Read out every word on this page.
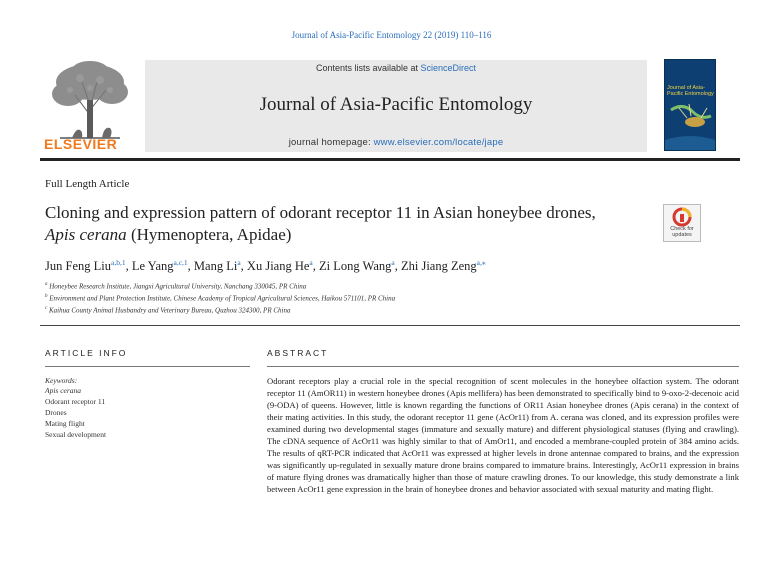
Journal of Asia-Pacific Entomology 22 (2019) 110–116
ELSEVIER
Contents lists available at ScienceDirect
Journal of Asia-Pacific Entomology
journal homepage: www.elsevier.com/locate/jape
Journal of Asia-Pacific Entomology
Full Length Article
Cloning and expression pattern of odorant receptor 11 in Asian honeybee drones, Apis cerana (Hymenoptera, Apidae)	Check for updates
Jun Feng Liu$^{a,b,1}$, Le Yang$^{a,c,1}$, Mang Li$^a$, Xu Jiang He$^a$, Zi Long Wang$^a$, Zhi Jiang Zeng$^{a,⁎}$
$^a$ Honeybee Research Institute, Jiangxi Agricultural University, Nanchang 330045, PR China
$^b$ Environment and Plant Protection Institute, Chinese Academy of Tropical Agricultural Sciences, Haikou 571101, PR China
$^c$ Kaihua County Animal Husbandry and Veterinary Bureau, Quzhou 324300, PR China
ARTICLE INFO
Keywords:
Apis cerana
Odorant receptor 11
Drones
Mating flight
Sexual development
ABSTRACT
Odorant receptors play a crucial role in the special recognition of scent molecules in the honeybee olfaction system. The odorant receptor 11 (AmOR11) in western honeybee drones (Apis mellifera) has been demonstrated to specifically bind to 9-oxo-2-decenoic acid (9-ODA) of queens. However, little is known regarding the functions of OR11 Asian honeybee drones (Apis cerana) in the context of their mating activities. In this study, the odorant receptor 11 gene (AcOr11) from A. cerana was cloned, and its expression profiles were examined during two developmental stages (immature and sexually mature) and different physiological statuses (flying and crawling). The cDNA sequence of AcOr11 was highly similar to that of AmOr11, and encoded a membrane-coupled protein of 384 amino acids. The results of qRT-PCR indicated that AcOr11 was expressed at higher levels in drone antennae compared to brains, and the expression was significantly up-regulated in sexually mature drone brains compared to immature brains. Interestingly, AcOr11 expression in brains of mature flying drones was dramatically higher than those of mature crawling drones. To our knowledge, this study demonstrate a link between AcOr11 gene expression in the brain of honeybee drones and behavior associated with sexual maturity and mating flight.
